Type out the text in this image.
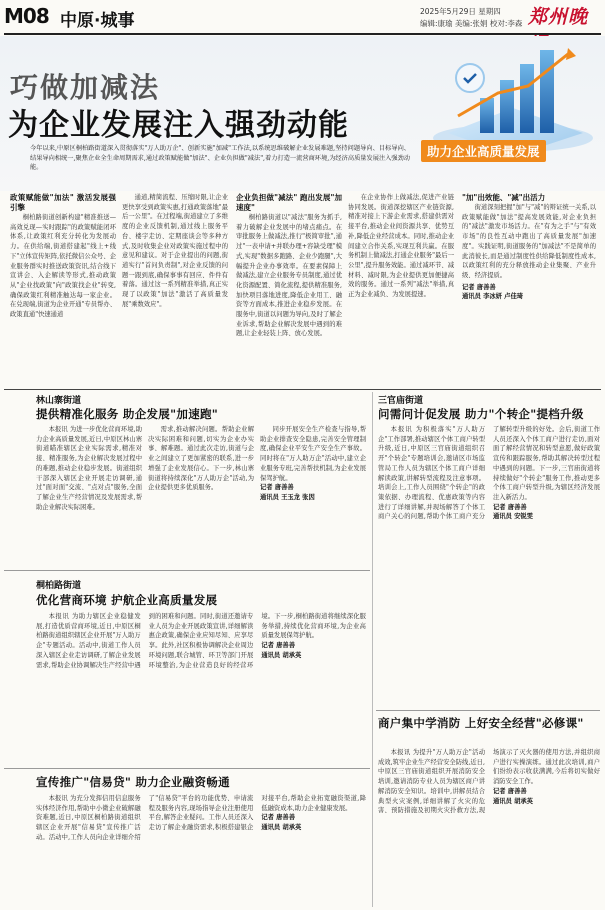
M08 中原·城事	2025年5月29日 星期四
编辑:康瑜 美编:张娟 校对:李森 郑州晚
巧做加减法
为企业发展注入强劲动能
助力企业高质量发展
今年以来,中原区桐柏路街道深入贯彻落实"万人助万企"、创新实施"加减"工作法,以系统思维破解企业发展难题,坚持问题导向、目标导向、结果导向相统一,聚焦企业全生命周期需求,通过政策赋能做"加法"、企业负担做"减法",着力打造一流营商环境,为经济高质量发展注入强劲动能。
政策赋能做"加法" 激活发展强引擎

桐柏路街道创新构建"精准推送—高效兑现—实时跟踪"的政策赋能闭环体系,让政策红利充分转化为发展动力。在供给端,街道搭建起"线上+线下"立体宣传矩阵,依托微信公众号、企业服务群实时推送政策资讯,结合线下宣讲会、入企解读等形式,推动政策从"企业找政策"向"政策找企业"转变,确保政策红利精准触达每一家企业。在兑现端,街道为企业开通"专员帮办、政策直通"快速通道

通道,精简流程、压缩时限,让企业更快享受到政策实惠,打通政策落地"最后一公里"。在过程端,街道建立了多维度的企业反馈机制,通过线上服务平台、楼宇走访、定期座谈会等多种方式,及时收集企业对政策实施过程中的意见和建议。对于企业提出的问题,街道实行"首问负责制",对企业反馈的问题一跟到底,确保事事有回应、件件有着落。通过这一系列精准举措,真正实现了以政策"加法"激活了高质量发展"乘数效应"。

企业负担做"减法" 跑出发展"加速度"

桐柏路街道以"减法"服务为抓手,着力破解企业发展中的堵点痛点。在审批服务上做减法,推行"极简审批",通过"一表申请+并联办理+容缺受理"模式,实现"数据多跑路、企业少跑腿",大幅提升企业办事效率。在要素保障上做减法,建立企业服务专员制度,通过优化资源配置、简化流程,提供精准服务,加快项目落地进度,降低企业用工、融资等方面成本,推进企业稳步发展。在服务中,街道以问题为导向,及时了解企业诉求,帮助企业解决发展中遇到的难题,让企业轻装上阵、放心发展。

在企业协作上做减法,促进产业链协同发展。街道深挖辖区产业链资源,精准对接上下游企业需求,搭建供需对接平台,推动企业间资源共享、优势互补,降低企业经营成本。同时,推动企业间建立合作关系,实现互利共赢。在服务机制上做减法,打通企业服务"最后一公里",提升服务效能。通过减环节、减材料、减时限,为企业提供更加便捷高效的服务。通过一系列"减法"举措,真正为企业减负、为发展提速。

"加"出效能、"减"出活力

街道深刻把握"加"与"减"的辩证统一关系,以政策赋能做"加法"提高发展效能,对企业负担的"减法"激发市场活力。在"有为之手"与"有效市场"的良性互动中跑出了高质量发展"加速度"。实践证明,街道服务的"加减法"不是简单的此消彼长,而是通过制度性供给降低制度性成本,以政策红利的充分释放推动企业集聚、产业升级、经济提质。

记者 唐善善
通讯员 李冰妍 卢佳琦
林山寨街道
提供精准化服务 助企发展"加速跑"

本报讯 为进一步优化营商环境,助力企业高质量发展,近日,中原区林山寨街道瞄准辖区企业实际需求,精准对接、精准服务,为企业解决发展过程中的难题,推动企业稳步发展。街道组织干部深入辖区企业开展走访调研,通过"面对面"交流、"点对点"服务,全面了解企业生产经营情况及发展需求,帮助企业解决实际困难。

需求,推动解决问题。帮助企业解决实际困难和问题,切实为企业办实事、解难题。通过此次走访,街道与企业之间建立了更加紧密的联系,进一步增强了企业发展信心。下一步,林山寨街道将持续深化"万人助万企"活动,为企业提供更多优质服务。

同步开展安全生产检查与指导,帮助企业排查安全隐患,完善安全管理制度,确保企业平安生产安全生产事故。同时将在"万人助万企"活动中,建立企业服务专班,完善帮扶机制,为企业发展保驾护航。

记者 唐善善
通讯员 王玉龙 张因
三官庙街道
问需问计促发展 助力"个转企"提档升级

本报讯 为积极落实"万人助万企"工作部署,推动辖区个体工商户转型升级,近日,中原区三官庙街道组织召开"个转企"专题培训会,邀请区市场监管局工作人员为辖区个体工商户详细解读政策,讲解转型流程及注意事项。培训会上,工作人员围绕"个转企"的政策依据、办理流程、优惠政策等内容进行了详细讲解,并现场解答了个体工商户关心的问题,帮助个体工商户充分了解转型升级的好处。会后,街道工作人员还深入个体工商户进行走访,面对面了解经营情况和转型意愿,做好政策宣传和跟踪服务,帮助其解决转型过程中遇到的问题。下一步,三官庙街道将持续做好"个转企"服务工作,推动更多个体工商户转型升级,为辖区经济发展注入新活力。

记者 唐善善
通讯员 安锐雯
桐柏路街道
优化营商环境 护航企业高质量发展

本报讯 为助力辖区企业稳健发展,打造优质营商环境,近日,中原区桐柏路街道组织辖区企业开展"万人助万企"专题活动。活动中,街道工作人员深入辖区企业走访调研,了解企业发展需求,帮助企业协调解决生产经营中遇到的困难和问题。同时,街道还邀请专业人员为企业开展政策宣讲,详细解读惠企政策,确保企业应知尽知、应享尽享。此外,社区积极协调解决企业周边环境问题,联合城管、环卫等部门开展环境整治,为企业营造良好的经营环境。下一步,桐柏路街道将继续深化服务举措,持续优化营商环境,为企业高质量发展保驾护航。

记者 唐善善
通讯员 胡承英
商户集中学消防 上好安全经营"必修课"

本报讯 为提升"万人助万企"活动成效,筑牢企业生产经营安全防线,近日,中原区三官庙街道组织开展消防安全培训,邀请消防专业人员为辖区商户讲解消防安全知识。培训中,讲解员结合典型火灾案例,详细讲解了火灾的危害、预防措施及初期火灾扑救方法,现场演示了灭火器的使用方法,并组织商户进行实操演练。通过此次培训,商户们纷纷表示收获满满,今后将切实做好消防安全工作。

记者 唐善善
通讯员 胡承英
宣传推广"信易贷" 助力企业融资畅通

本报讯 为充分发挥信用信息服务实体经济作用,帮助中小微企业破解融资难题,近日,中原区桐柏路街道组织辖区企业开展"信易贷"宣传推广活动。活动中,工作人员向企业详细介绍了"信易贷"平台的功能优势、申请流程及服务内容,现场指导企业注册使用平台,解答企业疑问。工作人员还深入走访了解企业融资需求,积极搭建银企对接平台,帮助企业拓宽融资渠道,降低融资成本,助力企业健康发展。

记者 唐善善
通讯员 胡承英
